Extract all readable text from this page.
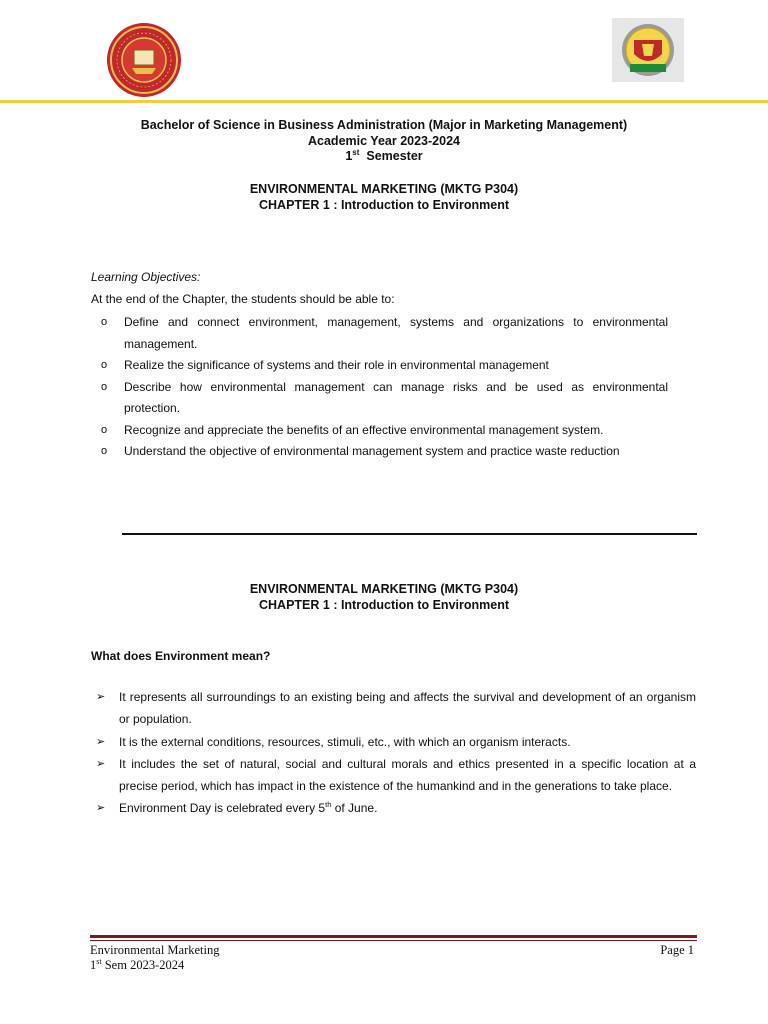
Bachelor of Science in Business Administration (Major in Marketing Management)
Academic Year 2023-2024
1st Semester
ENVIRONMENTAL MARKETING (MKTG P304)
CHAPTER 1 : Introduction to Environment
Learning Objectives:
At the end of the Chapter, the students should be able to:
o Define and connect environment, management, systems and organizations to environmental management.
o Realize the significance of systems and their role in environmental management
o Describe how environmental management can manage risks and be used as environmental protection.
o Recognize and appreciate the benefits of an effective environmental management system.
o Understand the objective of environmental management system and practice waste reduction
ENVIRONMENTAL MARKETING (MKTG P304)
CHAPTER 1 : Introduction to Environment
What does Environment mean?
➢ It represents all surroundings to an existing being and affects the survival and development of an organism or population.
➢ It is the external conditions, resources, stimuli, etc., with which an organism interacts.
➢ It includes the set of natural, social and cultural morals and ethics presented in a specific location at a precise period, which has impact in the existence of the humankind and in the generations to take place.
➢ Environment Day is celebrated every 5th of June.
Environmental Marketing
1st Sem 2023-2024
Page 1
